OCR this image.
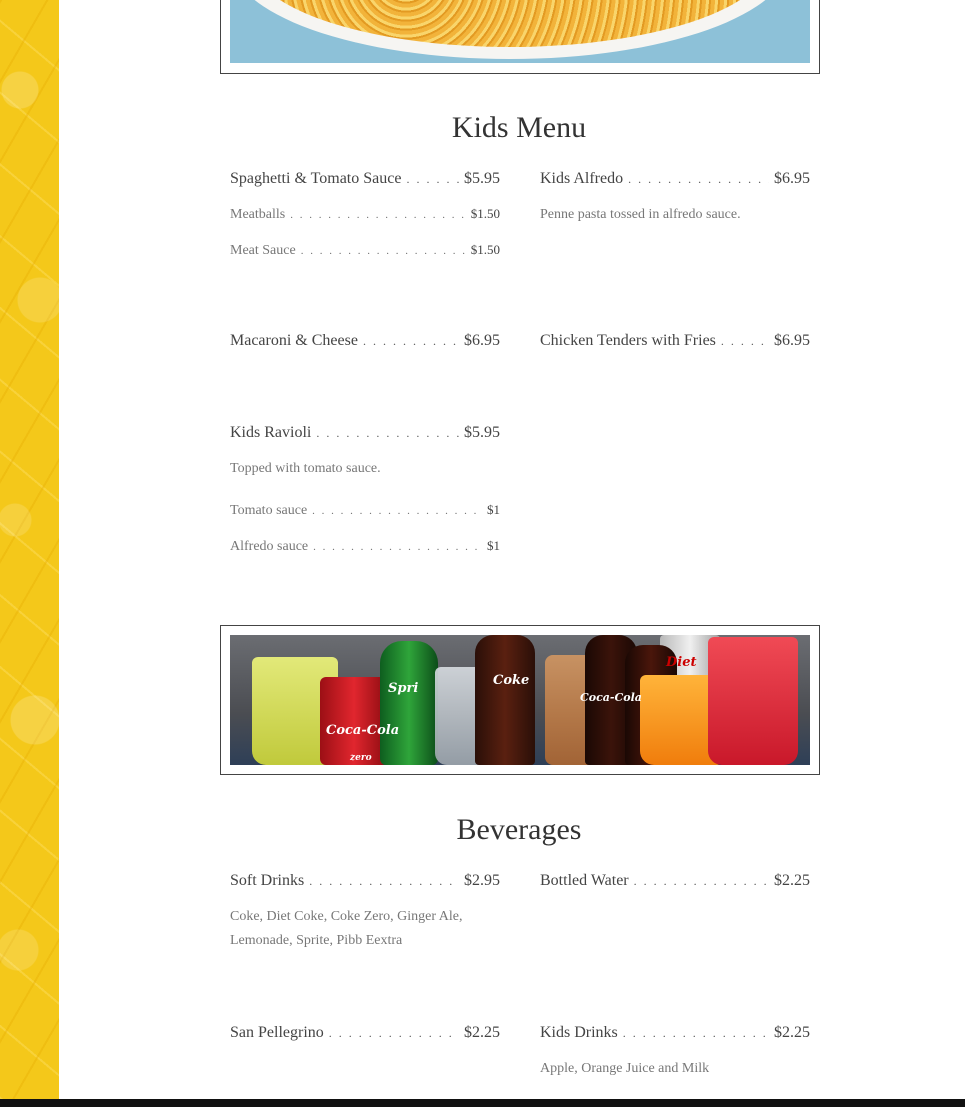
Kids Menu
Spaghetti & Tomato Sauce . . .	$5.95
Meatballs . . .	$1.50
Meat Sauce . . .	$1.50
Kids Alfredo . . .	$6.95
Penne pasta tossed in alfredo sauce.
Macaroni & Cheese . . .	$6.95	Chicken Tenders with Fries . . .	$6.95
Kids Ravioli . . .	$5.95
Topped with tomato sauce.
Tomato sauce . . .	$1
Alfredo sauce . . .	$1
Coca-Cola
zero
Spri
Coke
Coca-Cola
Diet
Beverages
Soft Drinks . . .	$2.95
Coke, Diet Coke, Coke Zero, Ginger Ale,
Lemonade, Sprite, Pibb Eextra
Bottled Water . . .	$2.25
San Pellegrino . . .	$2.25	Kids Drinks . . .	$2.25
Apple, Orange Juice and Milk
